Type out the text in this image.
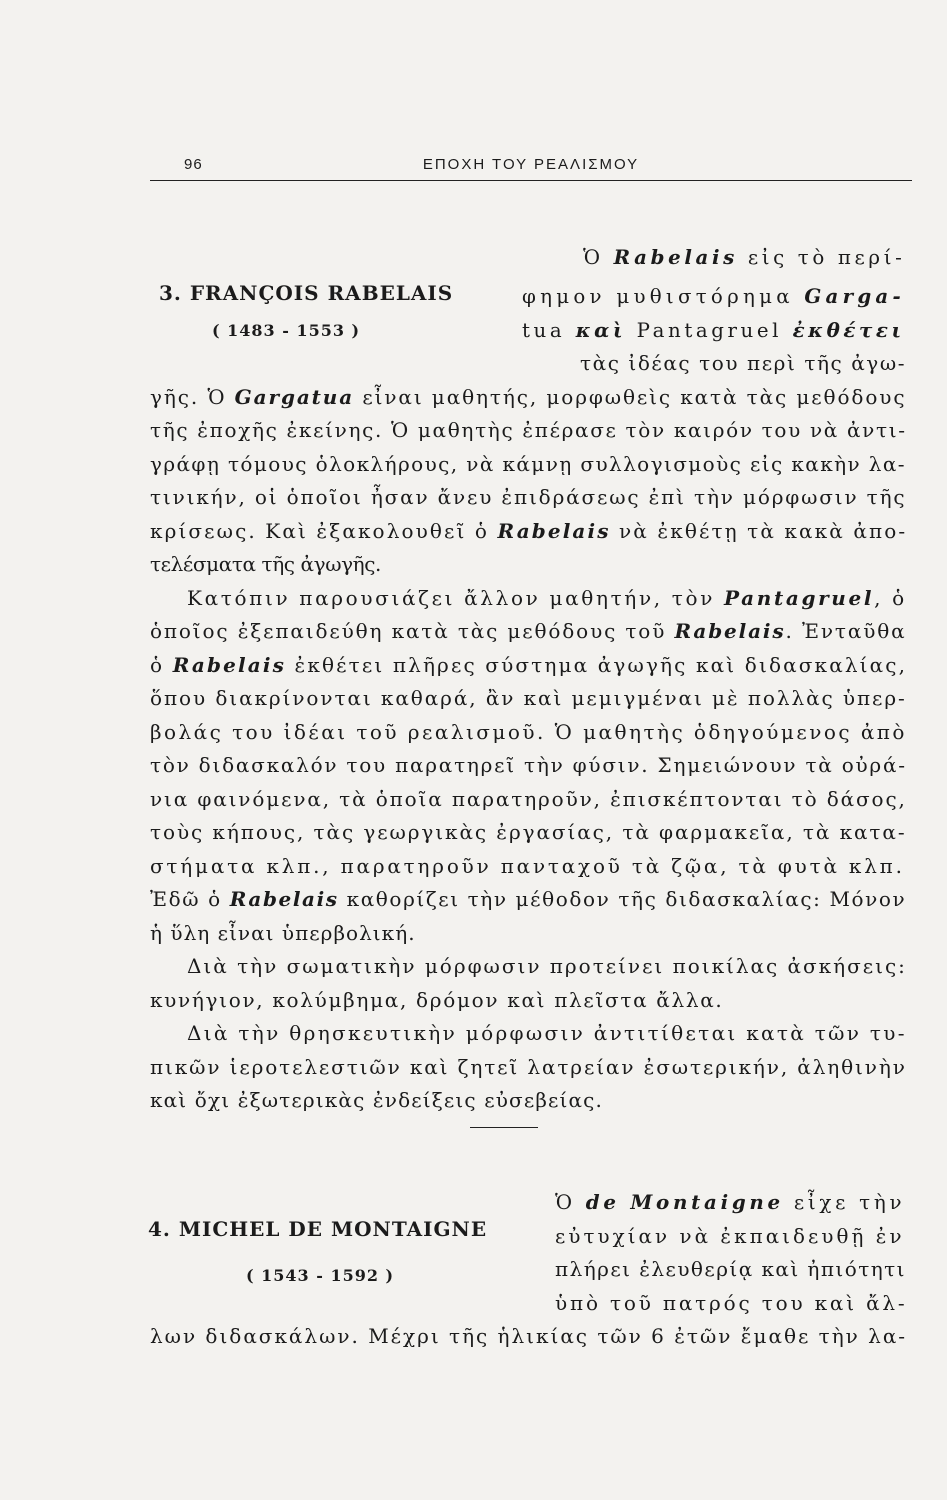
96	ΕΠΟΧΗ ΤΟΥ ΡΕΑΛΙΣΜΟΥ
3. FRANÇOIS RABELAIS
( 1483 - 1553 )
4. MICHEL DE MONTAIGNE
( 1543 - 1592 )
Ὁ Rabelais εἰς τὸ περί-
φημον μυθιστόρημα Garga-
tua καὶ Pantagruel ἐκθέτει
τὰς ἰδέας του περὶ τῆς ἀγω-
γῆς. Ὁ Gargatua εἶναι μαθητής, μορφωθεὶς κατὰ τὰς μεθόδους
τῆς ἐποχῆς ἐκείνης. Ὁ μαθητὴς ἐπέρασε τὸν καιρόν του νὰ ἀντι-
γράφῃ τόμους ὁλοκλήρους, νὰ κάμνῃ συλλογισμοὺς εἰς κακὴν λα-
τινικήν, οἱ ὁποῖοι ἦσαν ἄνευ ἐπιδράσεως ἐπὶ τὴν μόρφωσιν τῆς
κρίσεως. Καὶ ἐξακολουθεῖ ὁ Rabelais νὰ ἐκθέτῃ τὰ κακὰ ἀπο-
τελέσματα τῆς ἀγωγῆς.
Κατόπιν παρουσιάζει ἄλλον μαθητήν, τὸν Pantagruel, ὁ
ὁποῖος ἐξεπαιδεύθη κατὰ τὰς μεθόδους τοῦ Rabelais. Ἐνταῦθα
ὁ Rabelais ἐκθέτει πλῆρες σύστημα ἀγωγῆς καὶ διδασκαλίας,
ὅπου διακρίνονται καθαρά, ἂν καὶ μεμιγμέναι μὲ πολλὰς ὑπερ-
βολάς του ἰδέαι τοῦ ρεαλισμοῦ. Ὁ μαθητὴς ὁδηγούμενος ἀπὸ
τὸν διδασκαλόν του παρατηρεῖ τὴν φύσιν. Σημειώνουν τὰ οὐρά-
νια φαινόμενα, τὰ ὁποῖα παρατηροῦν, ἐπισκέπτονται τὸ δάσος,
τοὺς κήπους, τὰς γεωργικὰς ἐργασίας, τὰ φαρμακεῖα, τὰ κατα-
στήματα κλπ., παρατηροῦν πανταχοῦ τὰ ζῷα, τὰ φυτὰ κλπ.
Ἐδῶ ὁ Rabelais καθορίζει τὴν μέθοδον τῆς διδασκαλίας: Μόνον
ἡ ὕλη εἶναι ὑπερβολική.
Διὰ τὴν σωματικὴν μόρφωσιν προτείνει ποικίλας ἀσκήσεις:
κυνήγιον, κολύμβημα, δρόμον καὶ πλεῖστα ἄλλα.
Διὰ τὴν θρησκευτικὴν μόρφωσιν ἀντιτίθεται κατὰ τῶν τυ-
πικῶν ἱεροτελεστιῶν καὶ ζητεῖ λατρείαν ἐσωτερικήν, ἀληθινὴν
καὶ ὄχι ἐξωτερικὰς ἐνδείξεις εὐσεβείας.
Ὁ de Montaigne εἶχε τὴν
εὐτυχίαν νὰ ἐκπαιδευθῇ ἐν
πλήρει ἐλευθερίᾳ καὶ ἠπιότητι
ὑπὸ τοῦ πατρός του καὶ ἄλ-
λων διδασκάλων. Μέχρι τῆς ἡλικίας τῶν 6 ἐτῶν ἔμαθε τὴν λα-
